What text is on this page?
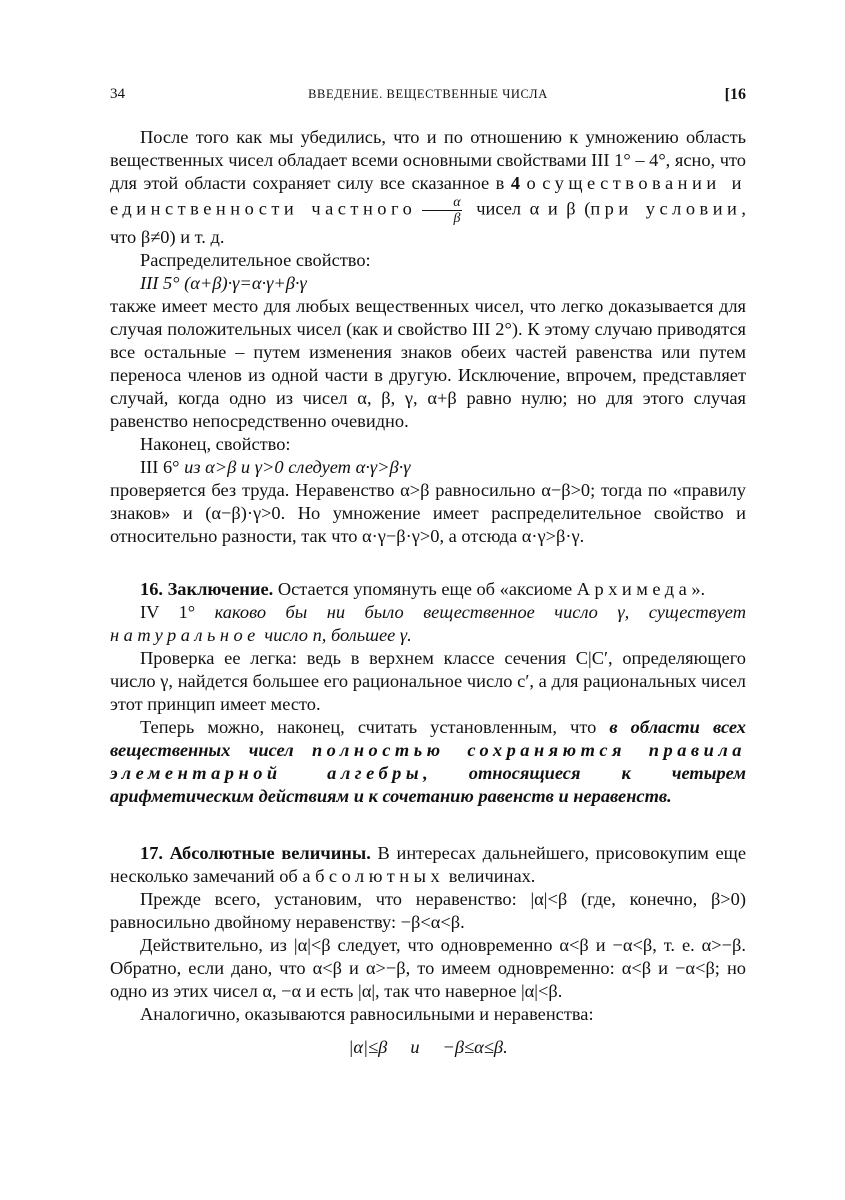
34	ВВЕДЕНИЕ. ВЕЩЕСТВЕННЫЕ ЧИСЛА	[16

После того как мы убедились, что и по отношению к умножению область вещественных чисел обладает всеми основными свойствами III 1° – 4°, ясно, что для этой области сохраняет силу все сказанное в 4 о существовании и единственности частного $\frac{\alpha}{\beta}$ чисел α и β (при условии, что β≠0) и т. д.

Распределительное свойство:

III 5° (α+β)·γ=α·γ+β·γ

также имеет место для любых вещественных чисел, что легко доказывается для случая положительных чисел (как и свойство III 2°). К этому случаю приводятся все остальные – путем изменения знаков обеих частей равенства или путем переноса членов из одной части в другую. Исключение, впрочем, представляет случай, когда одно из чисел α, β, γ, α+β равно нулю; но для этого случая равенство непосредственно очевидно.

Наконец, свойство:

III 6° из α>β и γ>0 следует α·γ>β·γ

проверяется без труда. Неравенство α>β равносильно α−β>0; тогда по «правилу знаков» и (α−β)·γ>0. Но умножение имеет распределительное свойство и относительно разности, так что α·γ−β·γ>0, а отсюда α·γ>β·γ.

16. Заключение. Остается упомянуть еще об «аксиоме Архимеда».

IV 1° каково бы ни было вещественное число γ, существует натуральное число n, большее γ.

Проверка ее легка: ведь в верхнем классе сечения C|C′, определяющего число γ, найдется большее его рациональное число c′, а для рациональных чисел этот принцип имеет место.

Теперь можно, наконец, считать установленным, что в области всех вещественных чисел полностью сохраняются правила элементарной алгебры, относящиеся к четырем арифметическим действиям и к сочетанию равенств и неравенств.

17. Абсолютные величины. В интересах дальнейшего, присовокупим еще несколько замечаний об абсолютных величинах.

Прежде всего, установим, что неравенство: |α|<β (где, конечно, β>0) равносильно двойному неравенству: −β<α<β.

Действительно, из |α|<β следует, что одновременно α<β и −α<β, т. е. α>−β. Обратно, если дано, что α<β и α>−β, то имеем одновременно: α<β и −α<β; но одно из этих чисел α, −α и есть |α|, так что наверное |α|<β.

Аналогично, оказываются равносильными и неравенства:

|α|≤β     и     −β≤α≤β.
